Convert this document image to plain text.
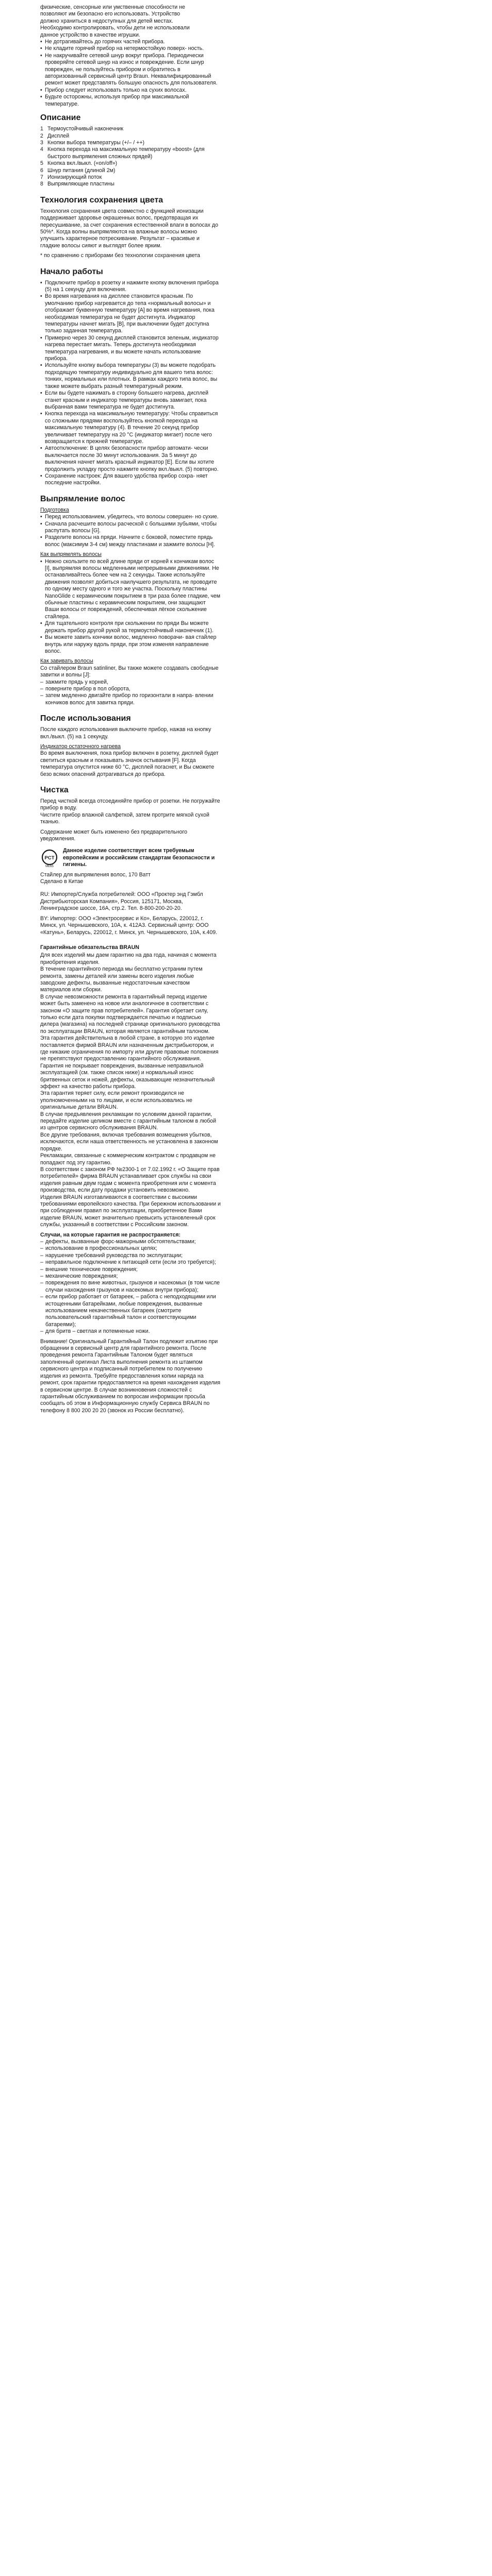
физические, сенсорные или умственные способности не

позволяют им безопасно его использовать. Устройство

должно храниться в недоступных для детей местах.

Необходимо контролировать, чтобы дети не использовали

данное устройство в качестве игрушки.

• Не дотрагивайтесь до горячих частей прибора.
• Не кладите горячий прибор на нетермостойкую поверх- ность.
• Не накручивайте сетевой шнур вокруг прибора. Периодически проверяйте сетевой шнур на износ и повреждение. Если шнур поврежден, не пользуйтесь прибором и обратитесь в авторизованный сервисный центр Braun. Неквалифицированный ремонт может представлять большую опасность для пользователя.
• Прибор следует использовать только на сухих волосах.
• Будьте осторожны, используя прибор при максимальной температуре.
Описание
1 Термоустойчивый наконечник
2 Дисплей
3 Кнопки выбора температуры (+/– / ++)
4 Кнопка перехода на максимальную температуру «boost» (для быстрого выпрямления сложных прядей)
5 Кнопка вкл./выкл. («on/off»)
6 Шнур питания (длиной 2м)
7 Ионизирующий поток
8 Выпрямляющие пластины
Технология сохранения цвета

Технология сохранения цвета совместно с функцией ионизации поддерживает здоровье окрашенных волос, предотвращая их пересушивание, за счет сохранения естественной влаги в волосах до 50%*. Когда волны выпрямляются на влажные волосы можно улучшить характерное потрескивание. Результат – красивые и гладкие волосы сияют и выглядят более ярким.

* по сравнению с приборами без технологии сохранения цвета

Начало работы
• Подключите прибор в розетку и нажмите кнопку включения прибора (5) на 1 секунду для включения.
• Во время нагревания на дисплее становится красным. По умолчанию прибор нагревается до тепа «нормальный волосы» и отображает буквенную температуру [A] во время нагревания, пока необходимая температура не будет достигнута. Индикатор температуры начнет мигать [B], при выключении будет доступна только заданная температура.
• Примерно через 30 секунд дисплей становится зеленым, индикатор нагрева перестает мигать. Теперь достигнута необходимая температура нагревания, и вы можете начать использование прибора.
• Используйте кнопку выбора температуры (3) вы можете подобрать подходящую температуру индивидуально для вашего типа волос: тонких, нормальных или плотных. В рамках каждого типа волос, вы также можете выбрать разный температурный режим.
• Если вы будете нажимать в сторону большего нагрева, дисплей станет красным и индикатор температуры вновь замигает, пока выбранная вами температура не будет достигнута.
• Кнопка перехода на максимальную температуру: Чтобы справиться со сложными прядями воспользуйтесь кнопкой перехода на максимальную температуру (4). В течение 20 секунд прибор увеличивает температуру на 20 °C (индикатор мигает) после чего возвращается к прежней температуре.
• Автоотключение: В целях безопасности прибор автомати- чески выключается после 30 минут использования. За 5 минут до выключения начнет мигать красный индикатор [E]. Если вы хотите продолжить укладку просто нажмите кнопку вкл./выкл. (5) повторно.
• Сохранение настроек: Для вашего удобства прибор сохра- няет последние настройки.
Выпрямление волос

Подготовка

• Перед использованием, убедитесь, что волосы совершен- но сухие.
• Сначала расчешите волосы расческой с большими зубьями, чтобы распутать волосы [G].
• Разделите волосы на пряди. Начните с боковой, поместите прядь волос (максимум 3-4 см) между пластинами и зажмите волосы [H].

Как выпрямлять волосы

• Нежно скользите по всей длине пряди от корней к кончикам волос [I], выпрямляя волосы медленными непрерывными движениями. Не останавливайтесь более чем на 2 секунды. Также используйте движения позволят добиться наилучшего результата, не проводите по одному месту одного и того же участка. Поскольку пластины NanoGlide с керамическим покрытием в три раза более гладкие, чем обычные пластины с керамическим покрытием, они защищают Ваши волосы от повреждений, обеспечивая лёгкое скольжение стайлера.
• Для тщательного контроля при скольжении по пряди Вы можете держать прибор другой рукой за термоустойчивый наконечник (1).
• Вы можете завить кончики волос, медленно поворачи- вая стайлер внутрь или наружу вдоль пряди, при этом изменяя направление волос.

Как завивать волосы

Со стайлером Braun satinliner, Вы также можете создавать свободные завитки и волны [J]:

– зажмите прядь у корней,
– поверните прибор в пол оборота,
– затем медленно двигайте прибор по горизонтали в напра- влении кончиков волос для завитка пряди.
После использования

После каждого использования выключите прибор, нажав на кнопку вкл./выкл. (5) на 1 секунду.

Индикатор остаточного нагрева

Во время выключения, пока прибор включен в розетку, дисплей будет светиться красным и показывать значок остывания [F]. Когда температура опустится ниже 60 °C, дисплей погаснет, и Вы сможете безо всяких опасений дотрагиваться до прибора.

Чистка

Перед чисткой всегда отсоединяйте прибор от розетки. Не погружайте прибор в воду.

Чистите прибор влажной салфеткой, затем протрите мягкой сухой тканью.

Содержание может быть изменено без предварительного уведомления.

PCT
ME65

Данное изделие соответствует всем требуемым европейским и российским стандартам безопасности и гигиены.

Стайлер для выпрямления волос, 170 Ватт

Сделано в Китае

RU: Импортер/Служба потребителей: ООО «Проктер энд Гэмбл Дистрибьюторская Компания», Россия, 125171, Москва, Ленинградское шоссе, 16А, стр.2. Тел. 8-800-200-20-20.

BY: Импортер: ООО «Электросервис и Ко», Беларусь, 220012, г. Минск, ул. Чернышевского, 10А, к. 412А3. Сервисный центр: ООО «Катунь», Беларусь, 220012, г. Минск, ул. Чернышевского, 10А, к.409.

Гарантийные обязательства BRAUN

Для всех изделий мы даем гарантию на два года, начиная с момента приобретения изделия.

В течение гарантийного периода мы бесплатно устраним путем ремонта, замены деталей или замены всего изделия любые заводские дефекты, вызванные недостаточным качеством материалов или сборки.

В случае невозможности ремонта в гарантийный период изделие может быть заменено на новое или аналогичное в соответствии с законом «О защите прав потребителей». Гарантия обретает силу, только если дата покупки подтверждается печатью и подписью дилера (магазина) на последней странице оригинального руководства по эксплуатации BRAUN, которая является гарантийным талоном.

Эта гарантия действительна в любой стране, в которую это изделие поставляется фирмой BRAUN или назначенным дистрибьютором, и где никакие ограничения по импорту или другие правовые положения не препятствуют предоставлению гарантийного обслуживания.

Гарантия не покрывает повреждения, вызванные неправильной эксплуатацией (см. также список ниже) и нормальный износ бритвенных сеток и ножей, дефекты, оказывающие незначительный эффект на качество работы прибора.

Эта гарантия теряет силу, если ремонт производился не уполномоченными на то лицами, и если использовались не оригинальные детали BRAUN.

В случае предъявления рекламации по условиям данной гарантии, передайте изделие целиком вместе с гарантийным талоном в любой из центров сервисного обслуживания BRAUN.

Все другие требования, включая требования возмещения убытков, исключаются, если наша ответственность не установлена в законном порядке.

Рекламации, связанные с коммерческим контрактом с продавцом не попадают под эту гарантию.

В соответствии с законом РФ №2300-1 от 7.02.1992 г. «О Защите прав потребителей» фирма BRAUN устанавливает срок службы на свои изделия равным двум годам с момента приобретения или с момента производства, если дату продажи установить невозможно.

Изделия BRAUN изготавливаются в соответствии с высокими требованиями европейского качества. При бережном использовании и при соблюдении правил по эксплуатации, приобретенное Вами изделие BRAUN, может значительно превысить установленный срок службы, указанный в соответствии с Российским законом.

Случаи, на которые гарантия не распространяется:

– дефекты, вызванные форс-мажорными обстоятельствами;
– использование в профессиональных целях;
– нарушение требований руководства по эксплуатации;
– неправильное подключение к питающей сети (если это требуется);
– внешние технические повреждения;
– механические повреждения;
– повреждения по вине животных, грызунов и насекомых (в том числе случаи нахождения грызунов и насекомых внутри прибора);
– если прибор работает от батареек, – работа с неподходящими или истощенными батарейками, любые повреждения, вызванные использованием некачественных батареек (смотрите пользовательский гарантийный талон и соответствующими батареями);
– для бритв – светлая и потемненые ножи.

Внимание! Оригинальный Гарантийный Талон подлежит изъятию при обращении в сервисный центр для гарантийного ремонта. После проведения ремонта Гарантийным Талоном будет являться заполненный оригинал Листа выполнения ремонта из штампом сервисного центра и подписанный потребителем по получению изделия из ремонта. Требуйте предоставления копии наряда на ремонт, срок гарантии предоставляется на время нахождения изделия в сервисном центре. В случае возникновения сложностей с гарантийным обслуживанием по вопросам информации просьба сообщать об этом в Информационную службу Сервиса BRAUN по телефону 8 800 200 20 20 (звонок из России бесплатно).
